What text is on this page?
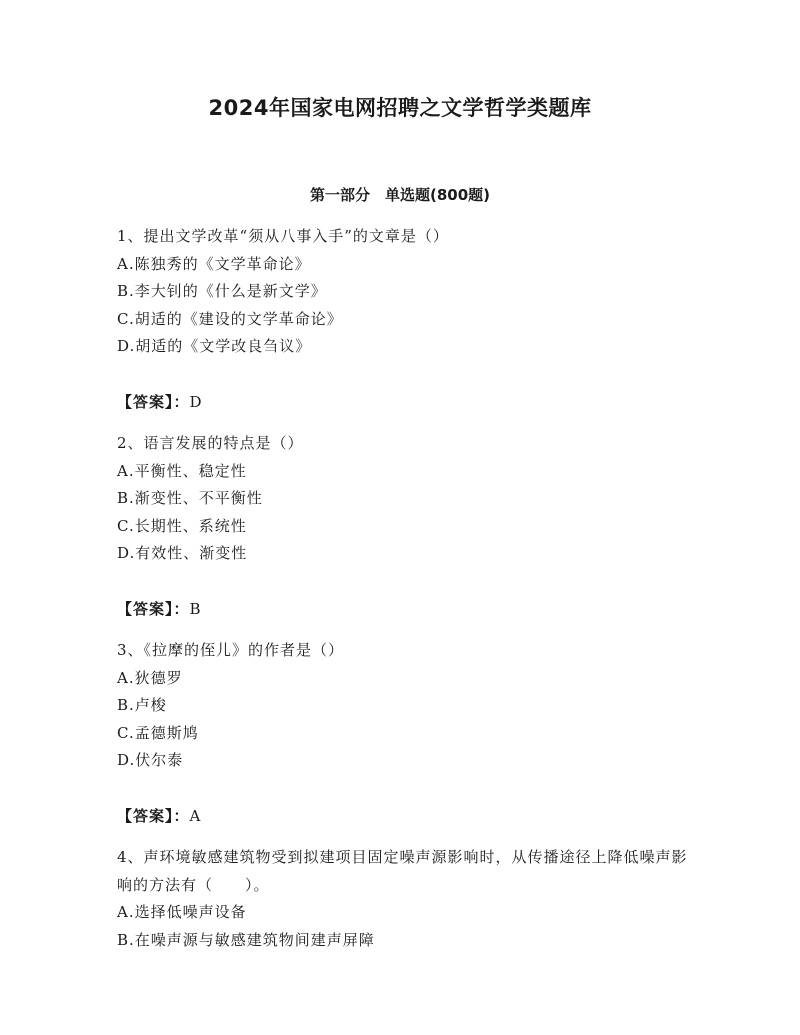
2024年国家电网招聘之文学哲学类题库
第一部分　单选题(800题)

1、提出文学改革“须从八事入手”的文章是（）

A.陈独秀的《文学革命论》

B.李大钊的《什么是新文学》

C.胡适的《建设的文学革命论》

D.胡适的《文学改良刍议》

【答案】：D

2、语言发展的特点是（）

A.平衡性、稳定性

B.渐变性、不平衡性

C.长期性、系统性

D.有效性、渐变性

【答案】：B

3、《拉摩的侄儿》的作者是（）

A.狄德罗

B.卢梭

C.孟德斯鸠

D.伏尔泰

【答案】：A

4、声环境敏感建筑物受到拟建项目固定噪声源影响时，从传播途径上降低噪声影响的方法有（　　）。

A.选择低噪声设备

B.在噪声源与敏感建筑物间建声屏障
